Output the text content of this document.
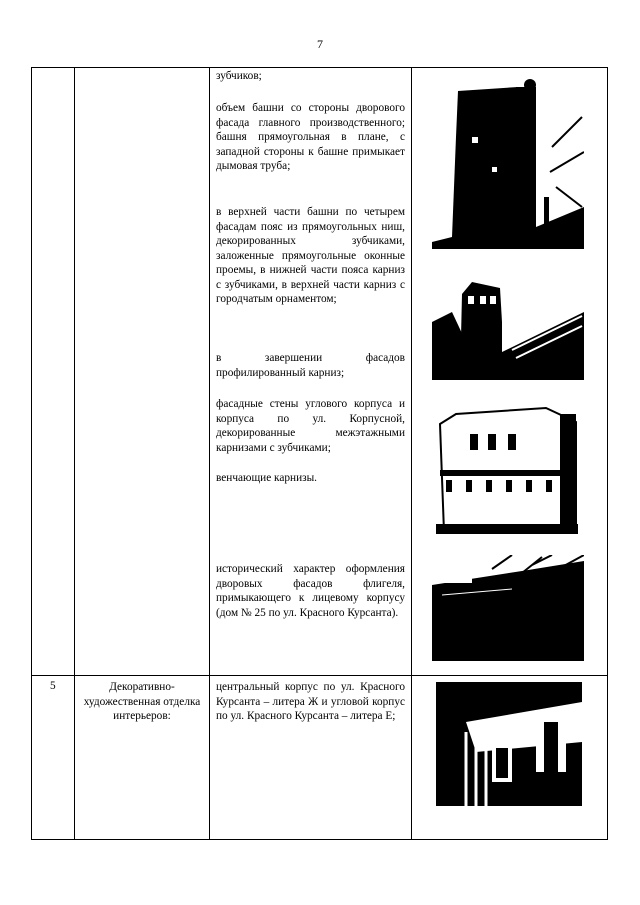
7
зубчиков;
объем башни со стороны дворового фасада главного производственного; башня прямоугольная в плане, с западной стороны к башне примыкает дымовая труба;
в верхней части башни по четырем фасадам пояс из прямоугольных ниш, декорированных зубчиками, заложенные прямоугольные оконные проемы, в нижней части пояса карниз с зубчиками, в верхней части карниз с городчатым орнаментом;
в завершении фасадов профилированный карниз;
фасадные стены углового корпуса и корпуса по ул. Корпусной, декорированные межэтажными карнизами с зубчиками;
венчающие карнизы.
исторический характер оформления дворовых фасадов флигеля, примыкающего к лицевому корпусу (дом № 25 по ул. Красного Курсанта).
5	Декоративно-художественная отделка интерьеров:
центральный корпус по ул. Красного Курсанта – литера Ж и угловой корпус по ул. Красного Курсанта – литера Е;
